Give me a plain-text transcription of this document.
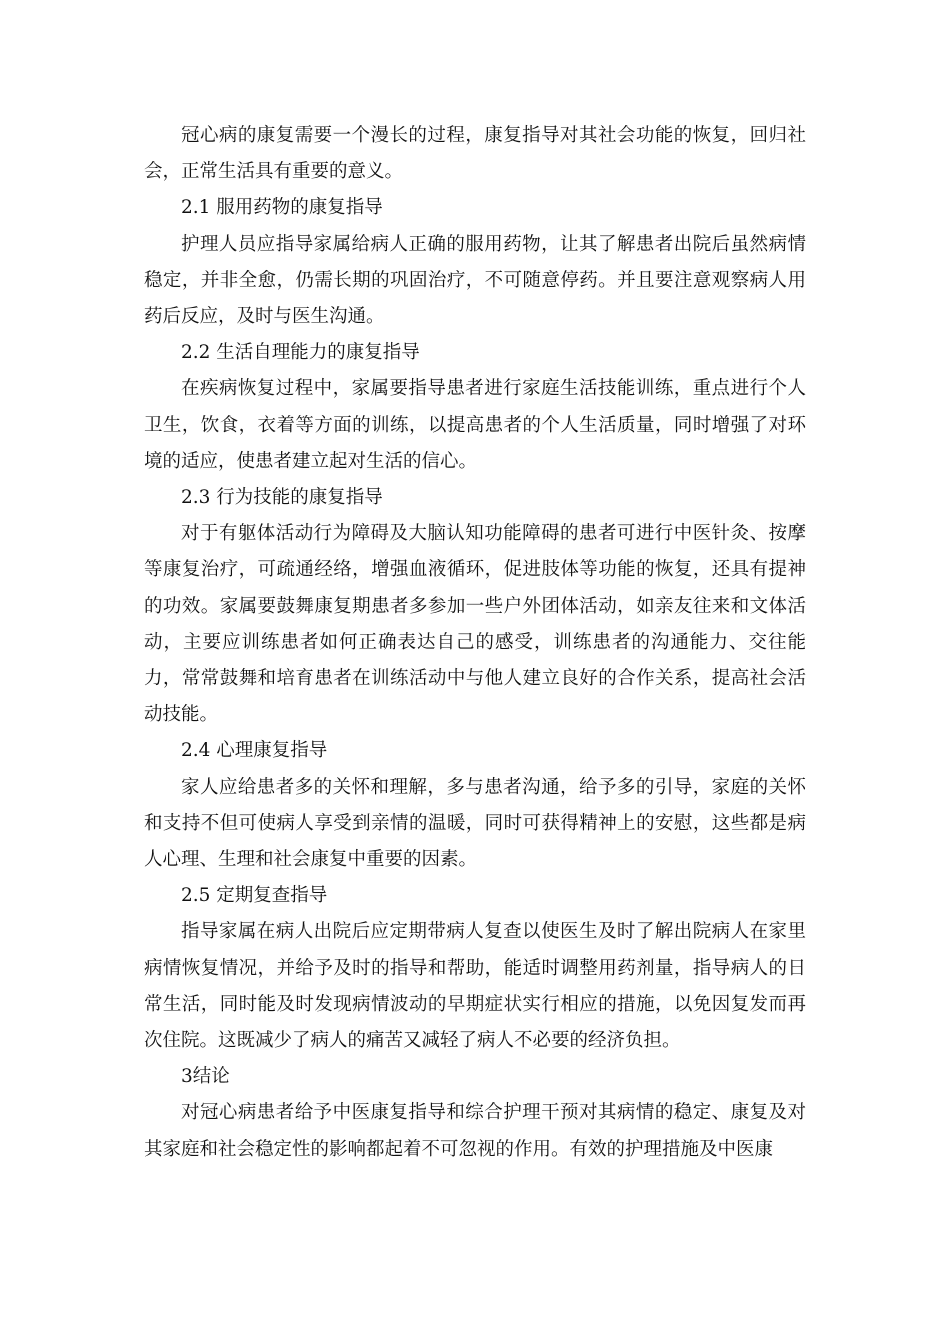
冠心病的康复需要一个漫长的过程，康复指导对其社会功能的恢复，回归社会，正常生活具有重要的意义。

2.1 服用药物的康复指导

护理人员应指导家属给病人正确的服用药物，让其了解患者出院后虽然病情稳定，并非全愈，仍需长期的巩固治疗，不可随意停药。并且要注意观察病人用药后反应，及时与医生沟通。

2.2 生活自理能力的康复指导

在疾病恢复过程中，家属要指导患者进行家庭生活技能训练，重点进行个人卫生，饮食，衣着等方面的训练，以提高患者的个人生活质量，同时增强了对环境的适应，使患者建立起对生活的信心。

2.3 行为技能的康复指导

对于有躯体活动行为障碍及大脑认知功能障碍的患者可进行中医针灸、按摩等康复治疗，可疏通经络，增强血液循环，促进肢体等功能的恢复，还具有提神的功效。家属要鼓舞康复期患者多参加一些户外团体活动，如亲友往来和文体活动，主要应训练患者如何正确表达自己的感受，训练患者的沟通能力、交往能力，常常鼓舞和培育患者在训练活动中与他人建立良好的合作关系，提高社会活动技能。

2.4 心理康复指导

家人应给患者多的关怀和理解，多与患者沟通，给予多的引导，家庭的关怀和支持不但可使病人享受到亲情的温暖，同时可获得精神上的安慰，这些都是病人心理、生理和社会康复中重要的因素。

2.5 定期复查指导

指导家属在病人出院后应定期带病人复查以使医生及时了解出院病人在家里病情恢复情况，并给予及时的指导和帮助，能适时调整用药剂量，指导病人的日常生活，同时能及时发现病情波动的早期症状实行相应的措施，以免因复发而再次住院。这既减少了病人的痛苦又减轻了病人不必要的经济负担。

3结论

对冠心病患者给予中医康复指导和综合护理干预对其病情的稳定、康复及对其家庭和社会稳定性的影响都起着不可忽视的作用。有效的护理措施及中医康
